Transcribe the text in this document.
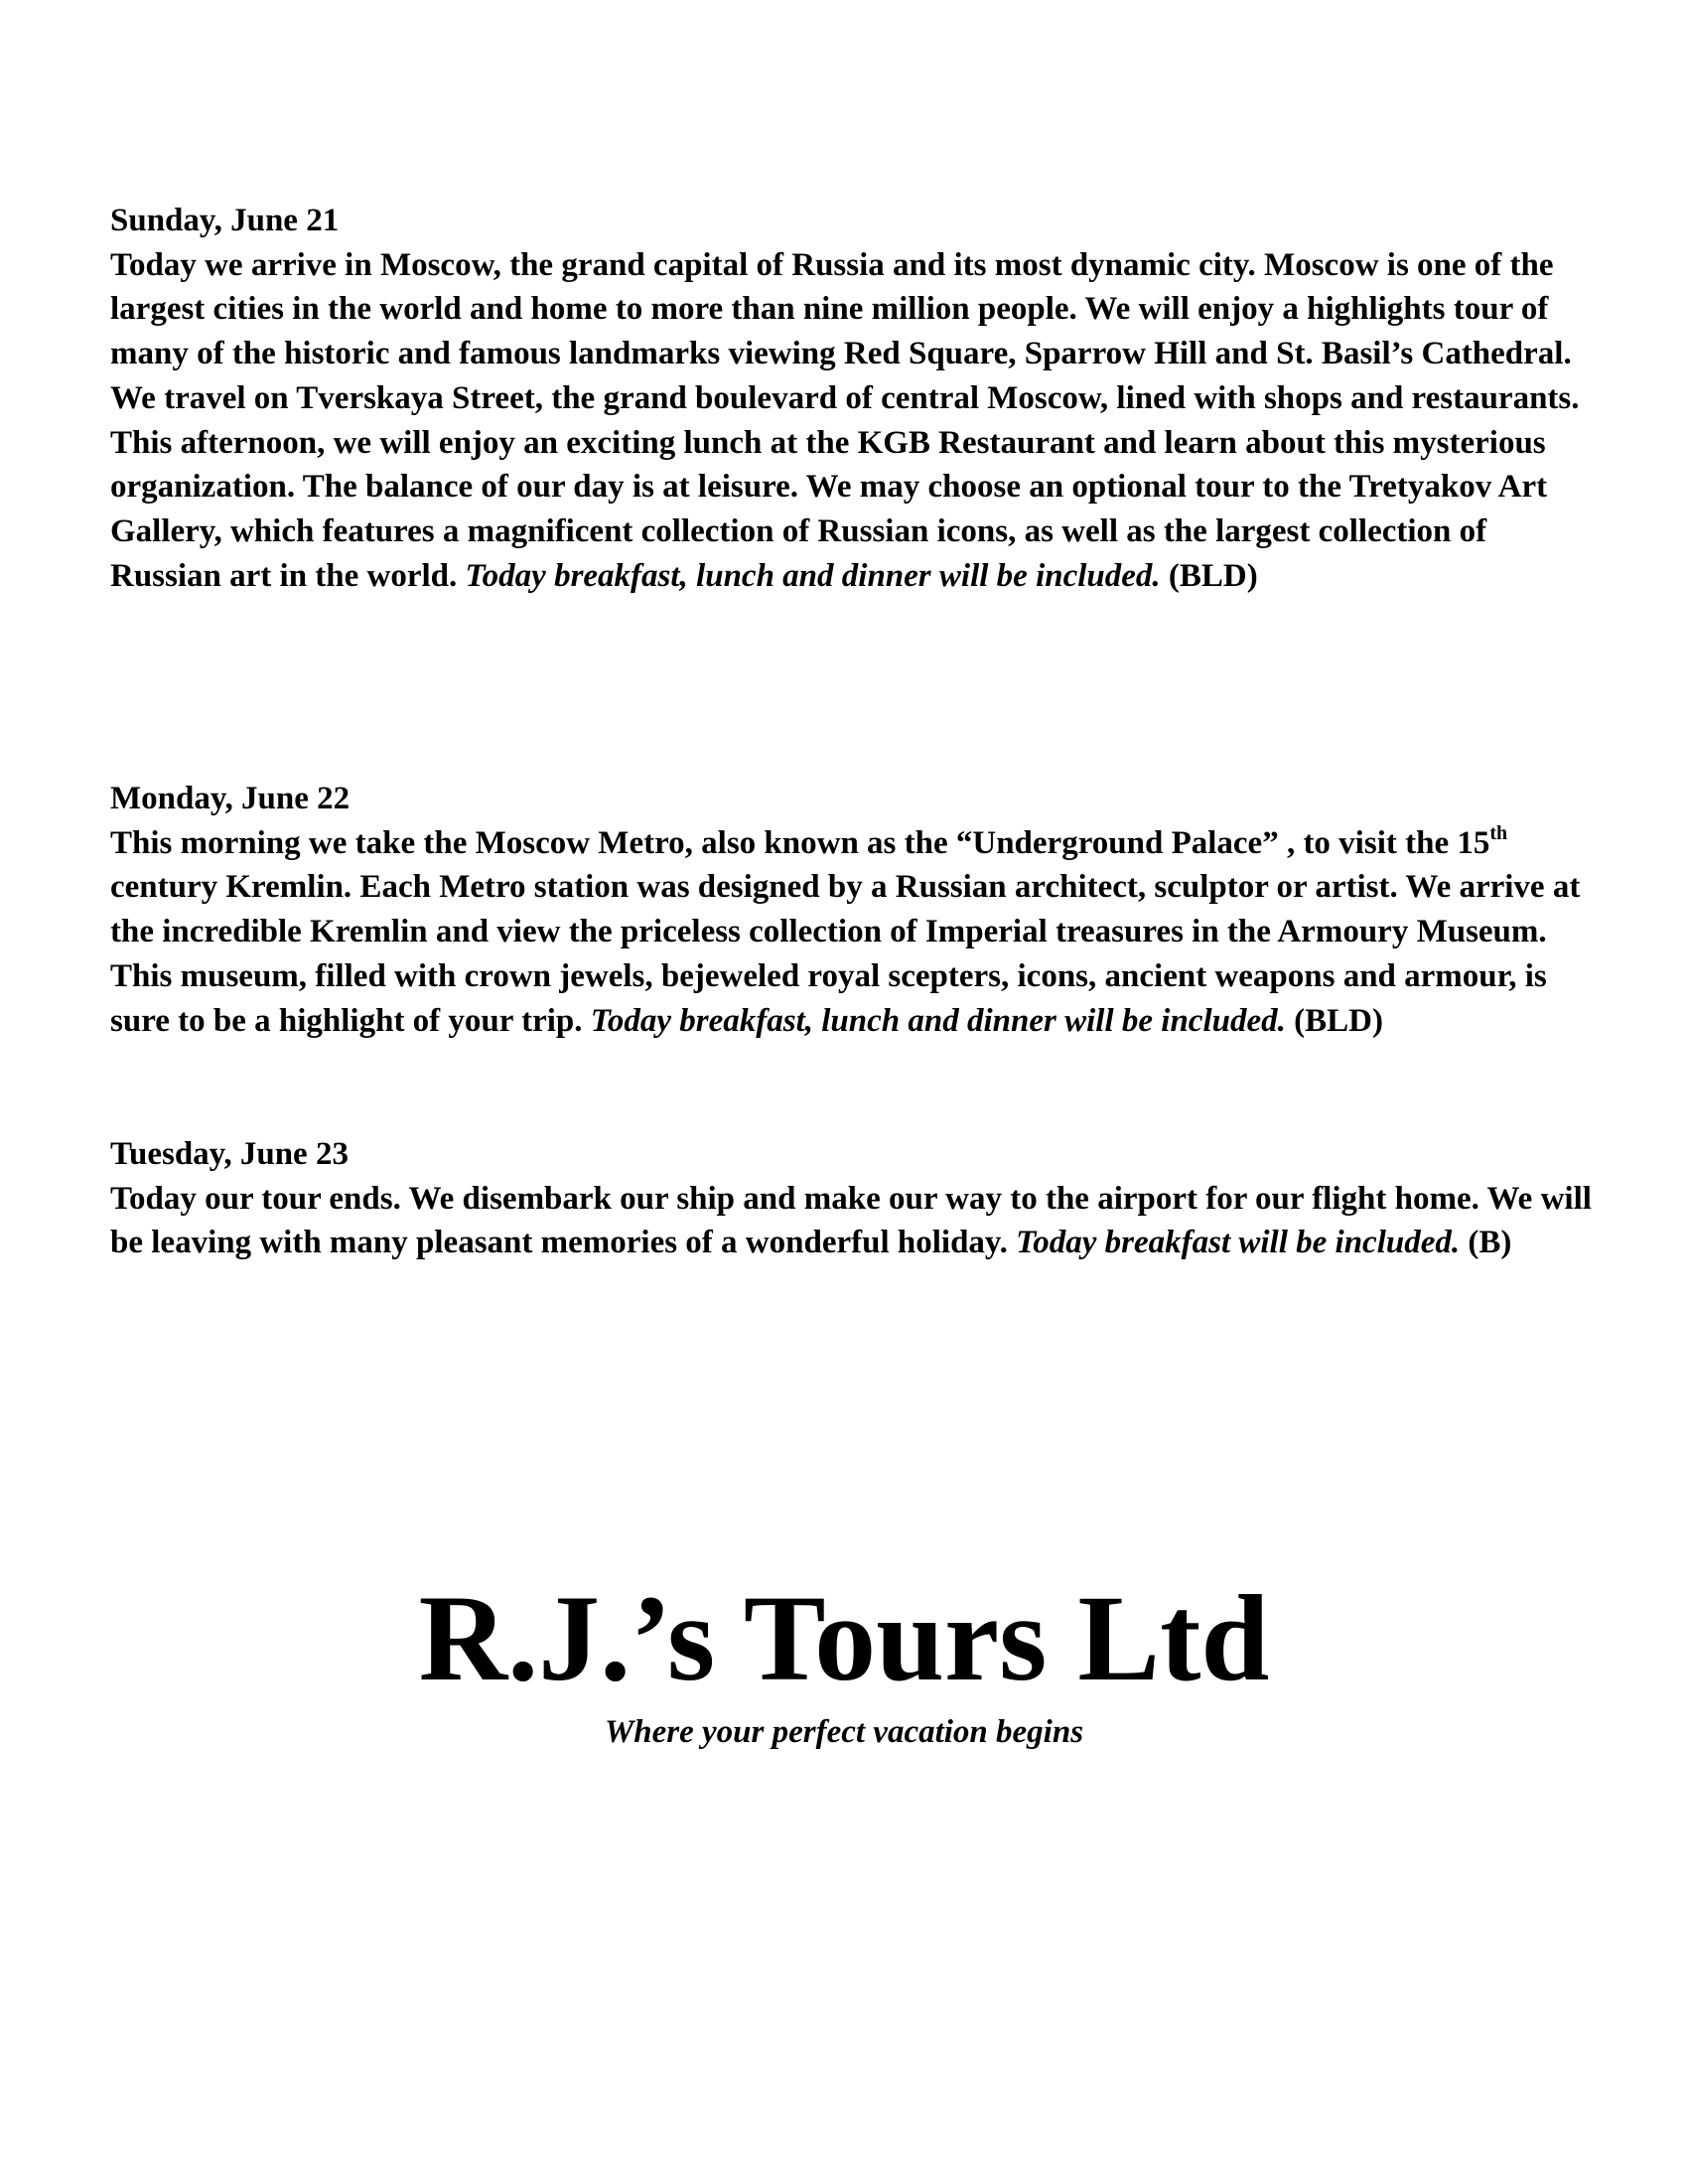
Sunday, June 21

Today we arrive in Moscow, the grand capital of Russia and its most dynamic city. Moscow is one of the largest cities in the world and home to more than nine million people. We will enjoy a highlights tour of many of the historic and famous landmarks viewing Red Square, Sparrow Hill and St. Basil’s Cathedral. We travel on Tverskaya Street, the grand boulevard of central Moscow, lined with shops and restaurants. This afternoon, we will enjoy an exciting lunch at the KGB Restaurant and learn about this mysterious organization. The balance of our day is at leisure. We may choose an optional tour to the Tretyakov Art Gallery, which features a magnificent collection of Russian icons, as well as the largest collection of Russian art in the world. Today breakfast, lunch and dinner will be included. (BLD)

Monday, June 22

This morning we take the Moscow Metro, also known as the “Underground Palace” , to visit the 15th century Kremlin. Each Metro station was designed by a Russian architect, sculptor or artist. We arrive at the incredible Kremlin and view the priceless collection of Imperial treasures in the Armoury Museum. This museum, filled with crown jewels, bejeweled royal scepters, icons, ancient weapons and armour, is sure to be a highlight of your trip. Today breakfast, lunch and dinner will be included. (BLD)

Tuesday, June 23

Today our tour ends. We disembark our ship and make our way to the airport for our flight home. We will be leaving with many pleasant memories of a wonderful holiday. Today breakfast will be included. (B)

R.J.’s Tours Ltd
Where your perfect vacation begins
